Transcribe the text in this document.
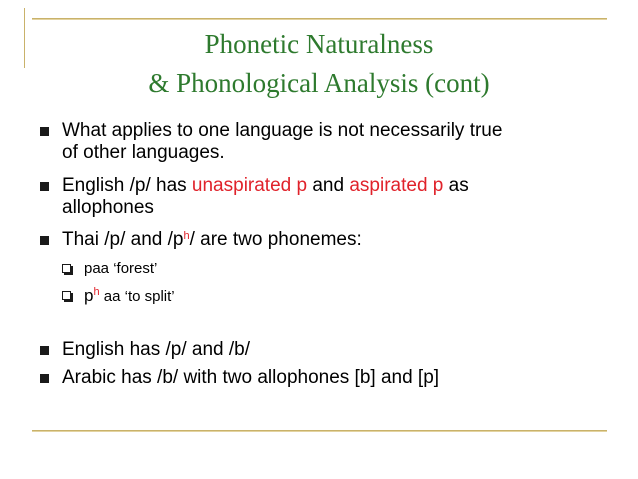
Phonetic Naturalness
& Phonological Analysis (cont)
What applies to one language is not necessarily true
of other languages.
English /p/ has unaspirated p and aspirated p as
allophones
Thai /p/ and $/p^h/$ are two phonemes:
paa ‘forest’
$p^h$ aa ‘to split’
English has /p/ and /b/
Arabic has /b/ with two allophones [b] and [p]
